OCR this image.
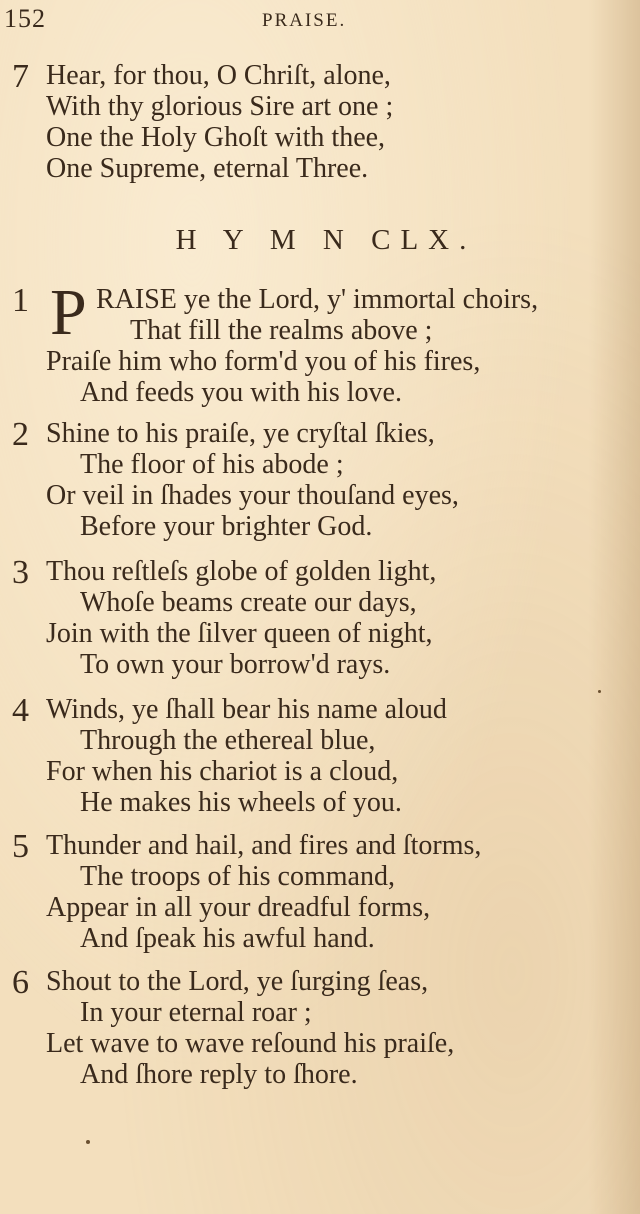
152	PRAISE.
7 Hear, for thou, O Chriſt, alone,
With thy glorious Sire art one ;
One the Holy Ghoſt with thee,
One Supreme, eternal Three.
H Y M N CLX.
1 RAISE ye the Lord, y' immortal choirs,
That fill the realms above ;
Praiſe him who form'd you of his fires,
And feeds you with his love.
P
2 Shine to his praiſe, ye cryſtal ſkies,
The floor of his abode ;
Or veil in ſhades your thouſand eyes,
Before your brighter God.
3 Thou reſtleſs globe of golden light,
Whoſe beams create our days,
Join with the ſilver queen of night,
To own your borrow'd rays.
4 Winds, ye ſhall bear his name aloud
Through the ethereal blue,
For when his chariot is a cloud,
He makes his wheels of you.
5 Thunder and hail, and fires and ſtorms,
The troops of his command,
Appear in all your dreadful forms,
And ſpeak his awful hand.
6 Shout to the Lord, ye ſurging ſeas,
In your eternal roar ;
Let wave to wave reſound his praiſe,
And ſhore reply to ſhore.
